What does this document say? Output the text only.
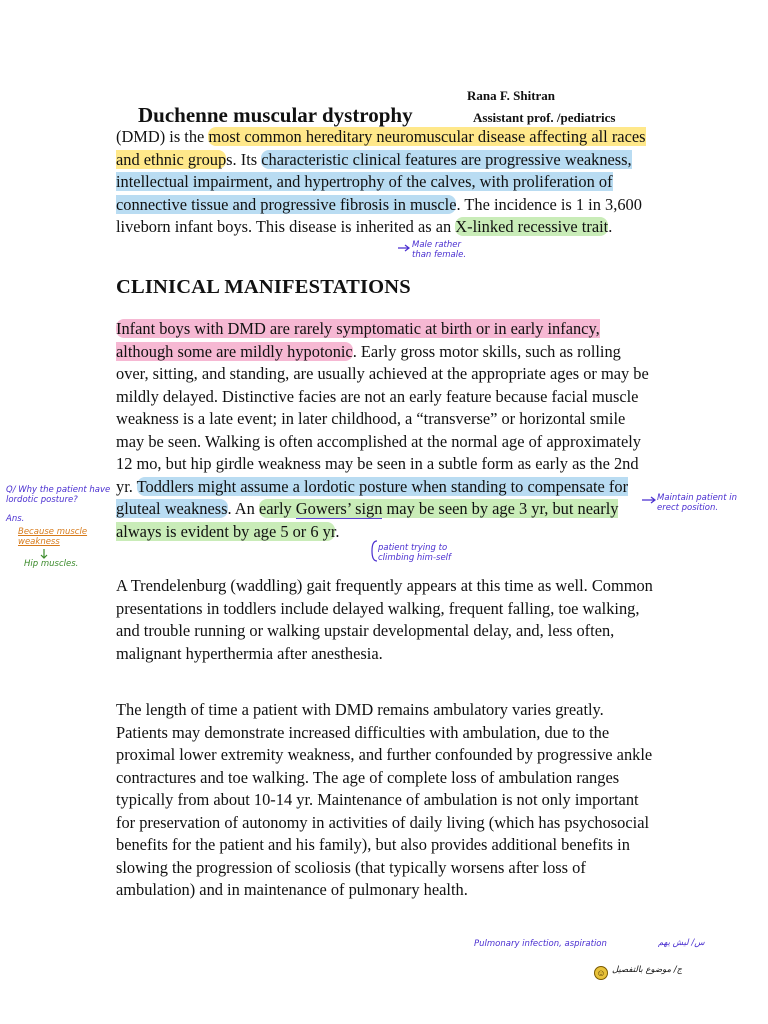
Rana F. Shitran
Assistant prof. /pediatrics
Duchenne muscular dystrophy

(DMD) is the most common hereditary neuromuscular disease affecting all races and ethnic groups. Its characteristic clinical features are progressive weakness, intellectual impairment, and hypertrophy of the calves, with proliferation of connective tissue and progressive fibrosis in muscle. The incidence is 1 in 3,600 liveborn infant boys. This disease is inherited as an X-linked recessive trait.

CLINICAL MANIFESTATIONS

Infant boys with DMD are rarely symptomatic at birth or in early infancy, although some are mildly hypotonic. Early gross motor skills, such as rolling over, sitting, and standing, are usually achieved at the appropriate ages or may be mildly delayed. Distinctive facies are not an early feature because facial muscle weakness is a late event; in later childhood, a “transverse” or horizontal smile may be seen. Walking is often accomplished at the normal age of approximately 12 mo, but hip girdle weakness may be seen in a subtle form as early as the 2nd yr. Toddlers might assume a lordotic posture when standing to compensate for gluteal weakness. An early Gowers’ sign may be seen by age 3 yr, but nearly always is evident by age 5 or 6 yr.

A Trendelenburg (waddling) gait frequently appears at this time as well. Common presentations in toddlers include delayed walking, frequent falling, toe walking, and trouble running or walking upstair developmental delay, and, less often, malignant hyperthermia after anesthesia.

The length of time a patient with DMD remains ambulatory varies greatly. Patients may demonstrate increased difficulties with ambulation, due to the proximal lower extremity weakness, and further confounded by progressive ankle contractures and toe walking. The age of complete loss of ambulation ranges typically from about 10-14 yr. Maintenance of ambulation is not only important for preservation of autonomy in activities of daily living (which has psychosocial benefits for the patient and his family), but also provides additional benefits in slowing the progression of scoliosis (that typically worsens after loss of ambulation) and in maintenance of pulmonary health.

Male rather than female.
Q/ Why the patient have lordotic posture?
Ans.
Because muscle weakness
Hip muscles.
Maintain patient in erect position.
patient trying to climbing him-self
Pulmonary infection, aspiration	س/ ليش يهم
ج/ موضوع بالتفصيل
☺
